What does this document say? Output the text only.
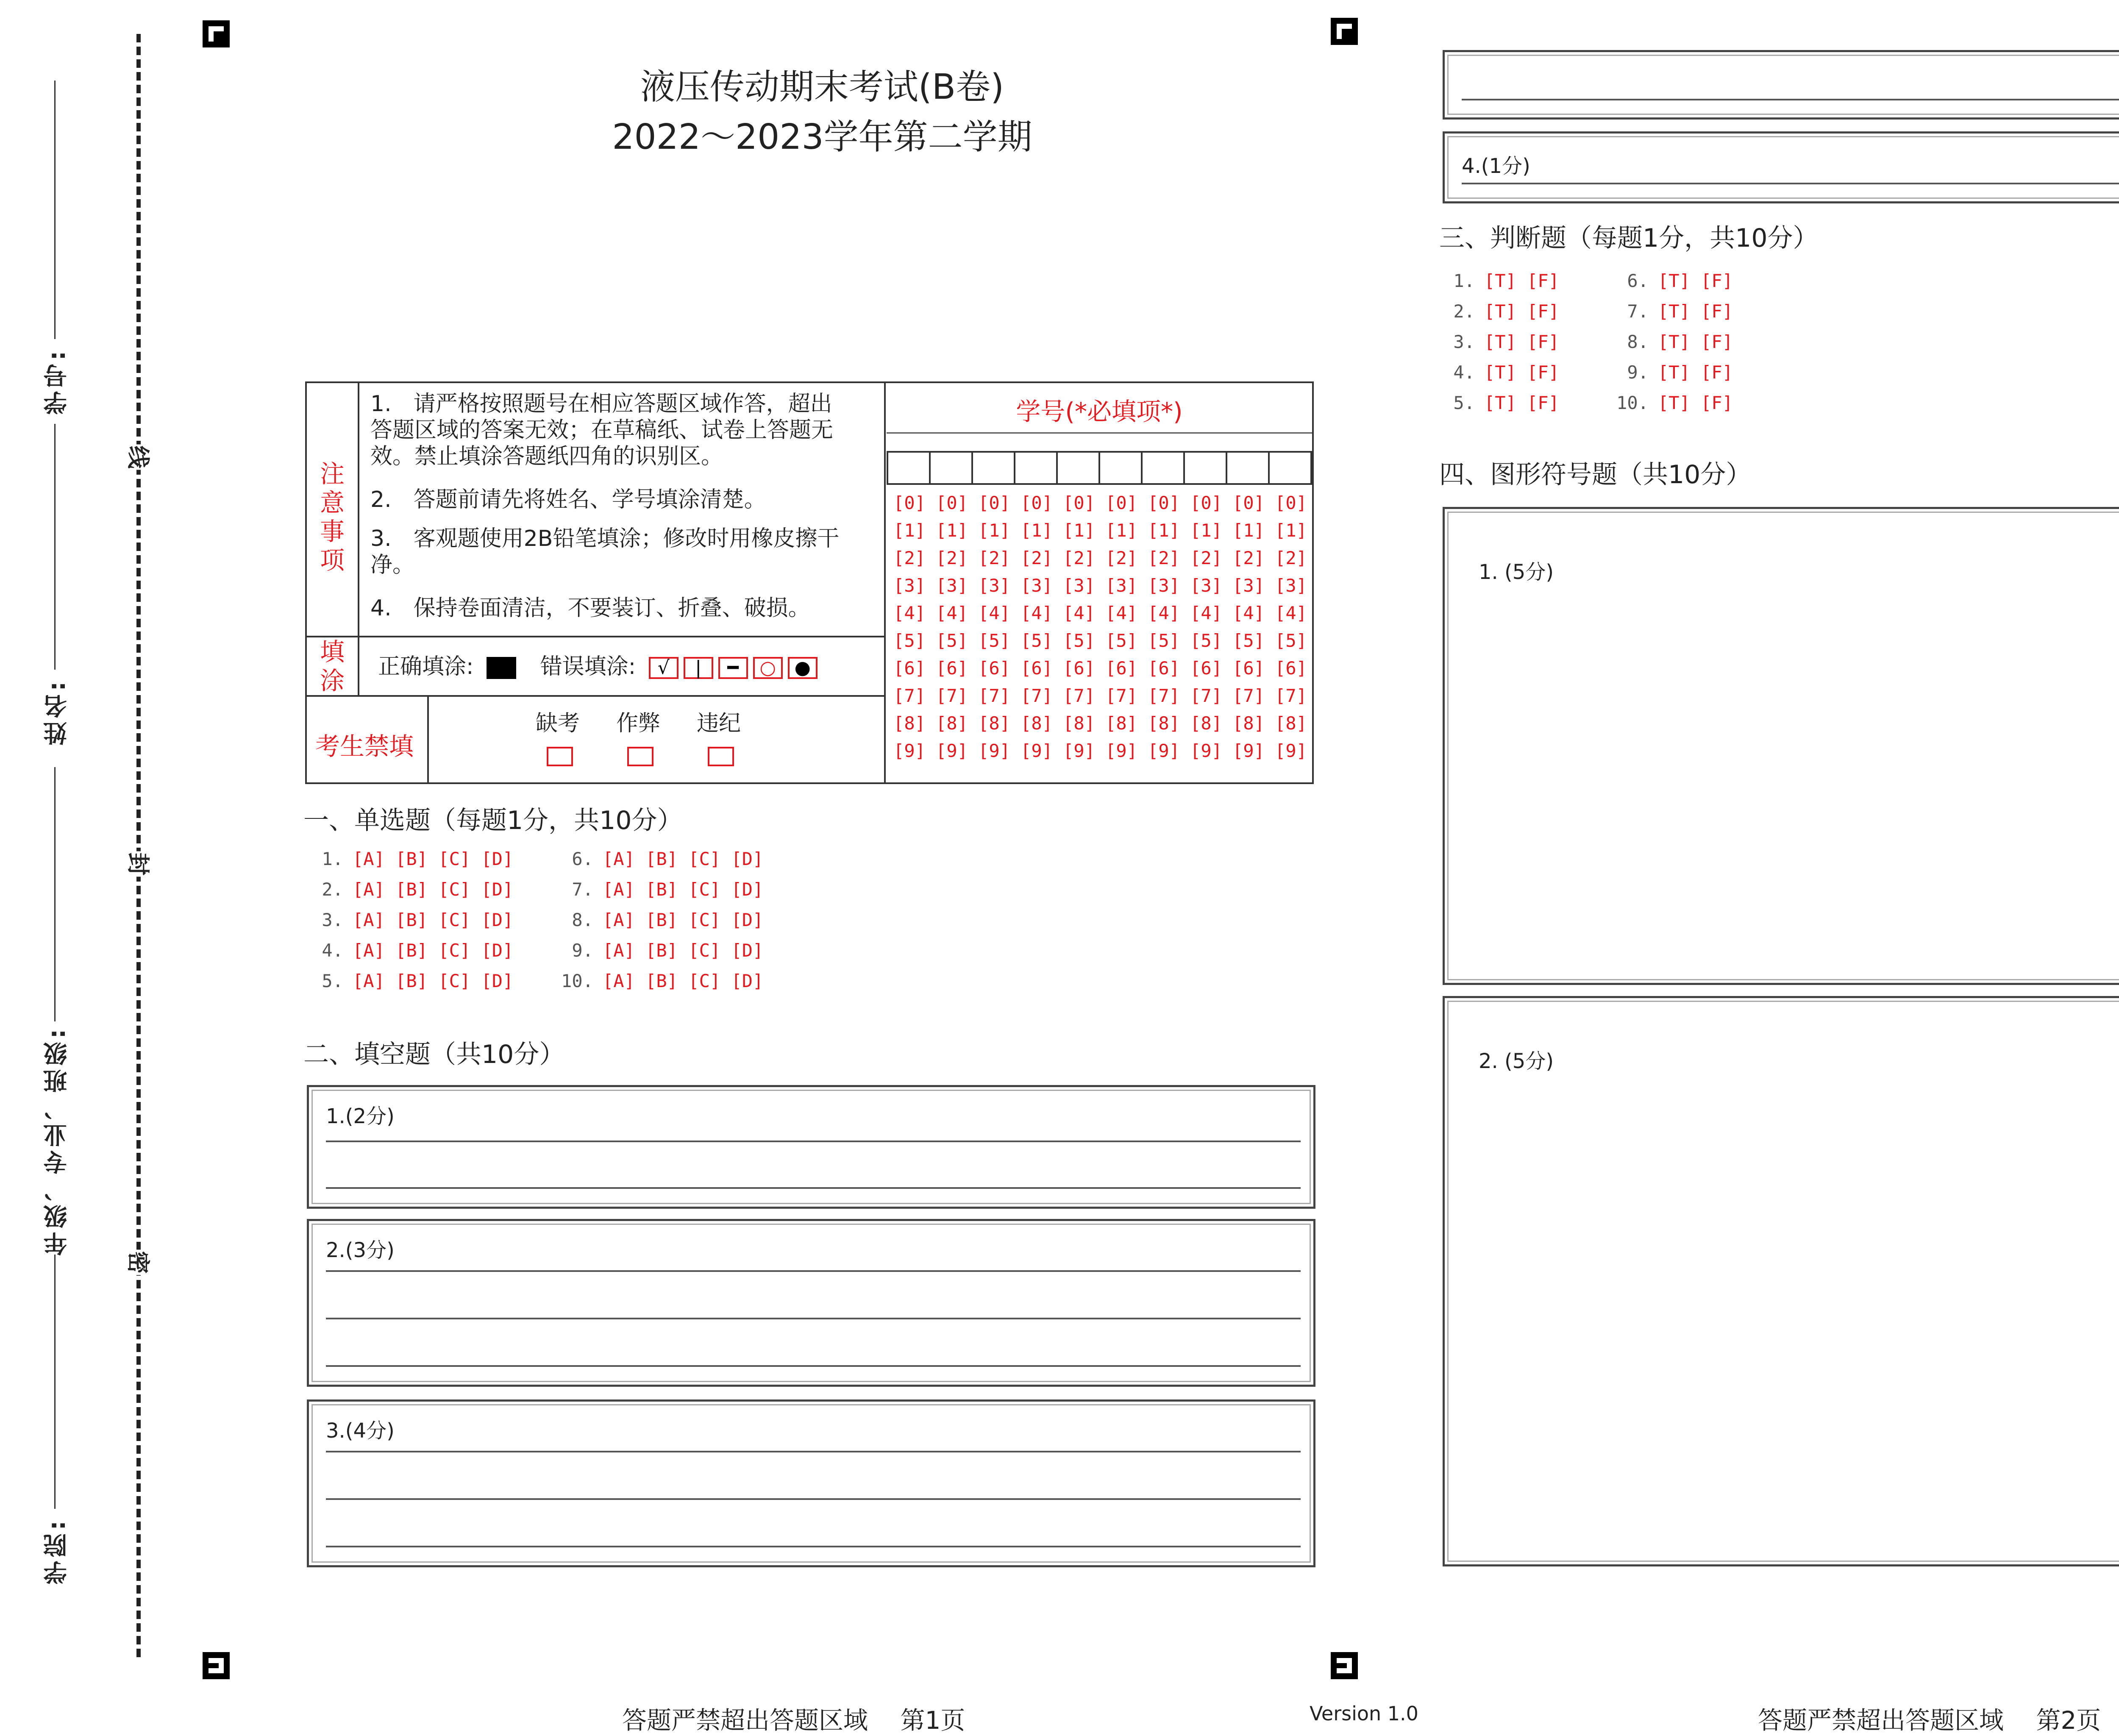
学号:
姓名:
年级、专业、班级:
学院:
线
封
密
液压传动期末考试(B卷)
2022～2023学年第二学期
注
意
事
项
1.　请严格按照题号在相应答题区域作答，超出答题区域的答案无效；在草稿纸、试卷上答题无效。禁止填涂答题纸四角的识别区。
2.　答题前请先将姓名、学号填涂清楚。
3.　客观题使用2B铅笔填涂；修改时用橡皮擦干净。
4.　保持卷面清洁，不要装订、折叠、破损。
填
涂 正确填涂:	错误填涂: √ | ━ ○ ●
考生禁填
缺考 作弊 违纪
学号(*必填项*)
[0] [0] [0] [0] [0] [0] [0] [0] [0] [0]
[1] [1] [1] [1] [1] [1] [1] [1] [1] [1]
[2] [2] [2] [2] [2] [2] [2] [2] [2] [2]
[3] [3] [3] [3] [3] [3] [3] [3] [3] [3]
[4] [4] [4] [4] [4] [4] [4] [4] [4] [4]
[5] [5] [5] [5] [5] [5] [5] [5] [5] [5]
[6] [6] [6] [6] [6] [6] [6] [6] [6] [6]
[7] [7] [7] [7] [7] [7] [7] [7] [7] [7]
[8] [8] [8] [8] [8] [8] [8] [8] [8] [8]
[9] [9] [9] [9] [9] [9] [9] [9] [9] [9]
一、单选题（每题1分，共10分）
1. [A] [B] [C] [D]
2. [A] [B] [C] [D]
3. [A] [B] [C] [D]
4. [A] [B] [C] [D]
5. [A] [B] [C] [D]
6. [A] [B] [C] [D]
7. [A] [B] [C] [D]
8. [A] [B] [C] [D]
9. [A] [B] [C] [D]
10. [A] [B] [C] [D]
二、填空题（共10分）
1.(2分)
2.(3分)
3.(4分)
4.(1分)
三、判断题（每题1分，共10分）
1. [T] [F]
2. [T] [F]
3. [T] [F]
4. [T] [F]
5. [T] [F]
6. [T] [F]
7. [T] [F]
8. [T] [F]
9. [T] [F]
10. [T] [F]
四、图形符号题（共10分）
1. (5分)
2. (5分)
答题严禁超出答题区域　 第1页	Version 1.0	答题严禁超出答题区域　 第2页
